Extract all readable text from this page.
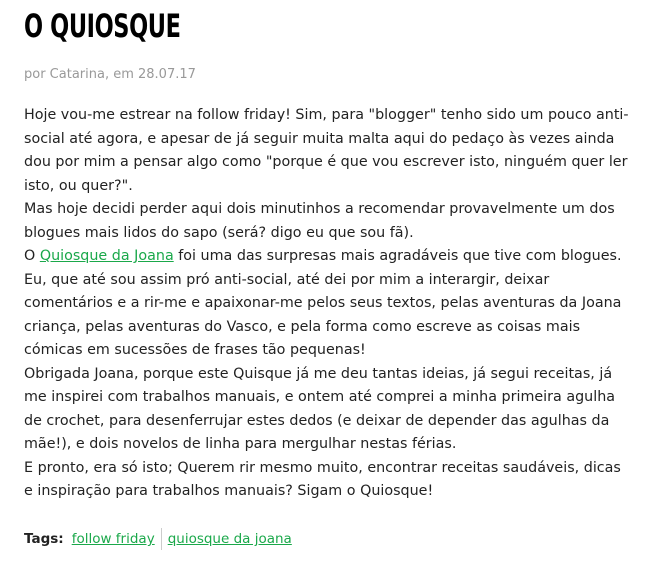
O QUIOSQUE
por Catarina, em 28.07.17

Hoje vou-me estrear na follow friday! Sim, para "blogger" tenho sido um pouco anti-social até agora, e apesar de já seguir muita malta aqui do pedaço às vezes ainda dou por mim a pensar algo como "porque é que vou escrever isto, ninguém quer ler isto, ou quer?".

Mas hoje decidi perder aqui dois minutinhos a recomendar provavelmente um dos blogues mais lidos do sapo (será? digo eu que sou fã).

O Quiosque da Joana foi uma das surpresas mais agradáveis que tive com blogues. Eu, que até sou assim pró anti-social, até dei por mim a interargir, deixar comentários e a rir-me e apaixonar-me pelos seus textos, pelas aventuras da Joana criança, pelas aventuras do Vasco, e pela forma como escreve as coisas mais cómicas em sucessões de frases tão pequenas!

Obrigada Joana, porque este Quisque já me deu tantas ideias, já segui receitas, já me inspirei com trabalhos manuais, e ontem até comprei a minha primeira agulha de crochet, para desenferrujar estes dedos (e deixar de depender das agulhas da mãe!), e dois novelos de linha para mergulhar nestas férias.

E pronto, era só isto; Querem rir mesmo muito, encontrar receitas saudáveis, dicas e inspiração para trabalhos manuais? Sigam o Quiosque!

Tags: follow friday quiosque da joana
